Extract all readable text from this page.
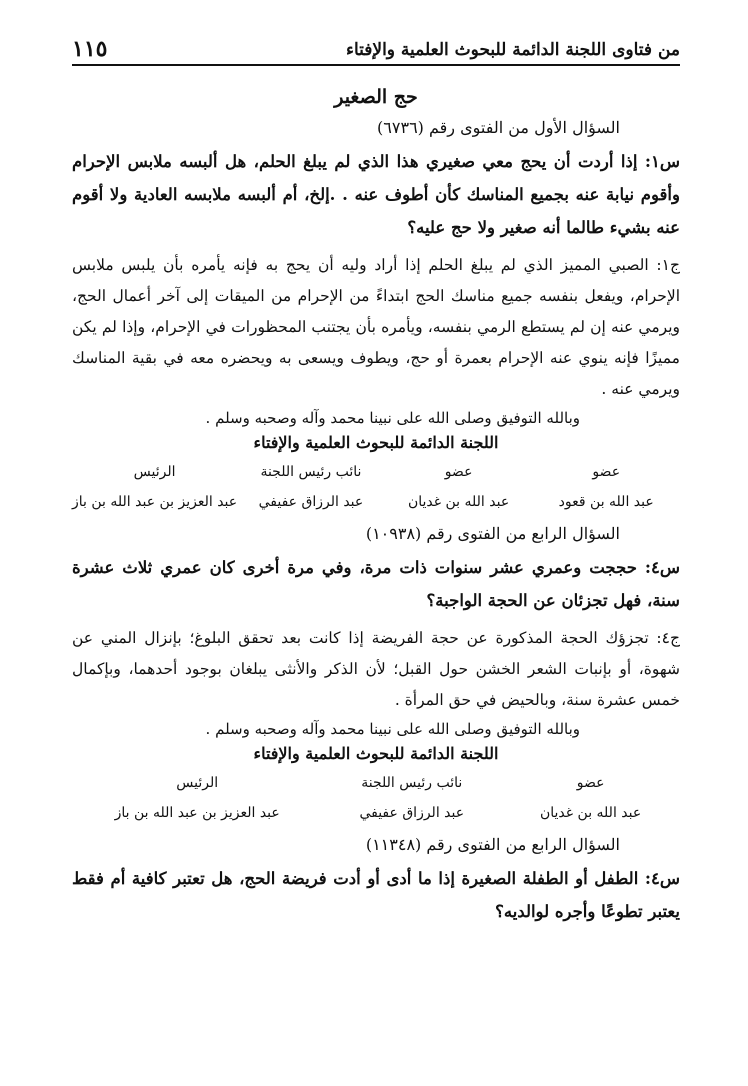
من فتاوى اللجنة الدائمة للبحوث العلمية والإفتاء
١١٥
حج الصغير
السؤال الأول من الفتوى رقم (٦٧٣٦)

س١: إذا أردت أن يحج معي صغيري هذا الذي لم يبلغ الحلم، هل ألبسه ملابس الإحرام وأقوم نيابة عنه بجميع المناسك كأن أطوف عنه . .إلخ، أم ألبسه ملابسه العادية ولا أقوم عنه بشيء طالما أنه صغير ولا حج عليه؟

ج١: الصبي المميز الذي لم يبلغ الحلم إذا أراد وليه أن يحج به فإنه يأمره بأن يلبس ملابس الإحرام، ويفعل بنفسه جميع مناسك الحج ابتداءً من الإحرام من الميقات إلى آخر أعمال الحج، ويرمي عنه إن لم يستطع الرمي بنفسه، ويأمره بأن يجتنب المحظورات في الإحرام، وإذا لم يكن مميزًا فإنه ينوي عنه الإحرام بعمرة أو حج، ويطوف ويسعى به ويحضره معه في بقية المناسك ويرمي عنه .

وبالله التوفيق وصلى الله على نبينا محمد وآله وصحبه وسلم .
اللجنة الدائمة للبحوث العلمية والإفتاء
الرئيس
عبد العزيز بن عبد الله بن باز
نائب رئيس اللجنة
عبد الرزاق عفيفي
عضو
عبد الله بن غديان
عضو
عبد الله بن قعود
السؤال الرابع من الفتوى رقم (١٠٩٣٨)

س٤: حججت وعمري عشر سنوات ذات مرة، وفي مرة أخرى كان عمري ثلاث عشرة سنة، فهل تجزئان عن الحجة الواجبة؟

ج٤: تجزؤك الحجة المذكورة عن حجة الفريضة إذا كانت بعد تحقق البلوغ؛ بإنزال المني عن شهوة، أو بإنبات الشعر الخشن حول القبل؛ لأن الذكر والأنثى يبلغان بوجود أحدهما، وبإكمال خمس عشرة سنة، وبالحيض في حق المرأة .

وبالله التوفيق وصلى الله على نبينا محمد وآله وصحبه وسلم .
اللجنة الدائمة للبحوث العلمية والإفتاء
الرئيس
عبد العزيز بن عبد الله بن باز
نائب رئيس اللجنة
عبد الرزاق عفيفي
عضو
عبد الله بن غديان
السؤال الرابع من الفتوى رقم (١١٣٤٨)

س٤: الطفل أو الطفلة الصغيرة إذا ما أدى أو أدت فريضة الحج، هل تعتبر كافية أم فقط يعتبر تطوعًا وأجره لوالديه؟
